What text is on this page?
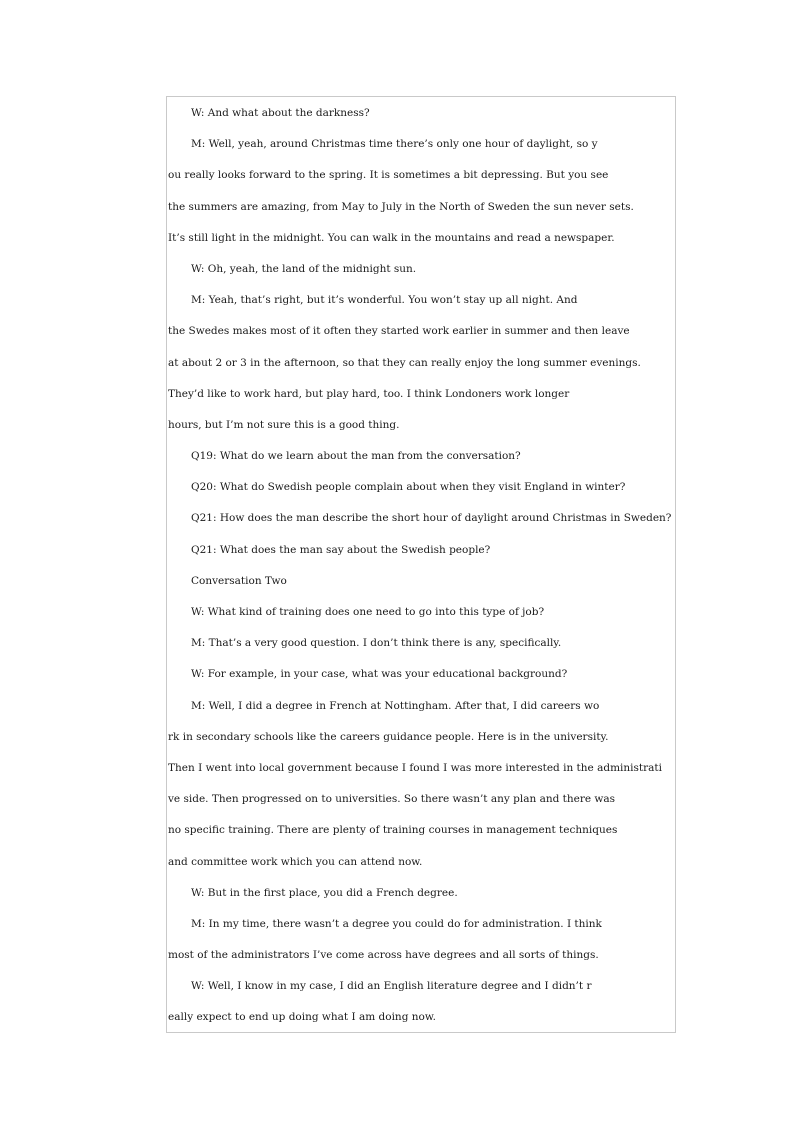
W: And what about the darkness?
M: Well, yeah, around Christmas time there’s only one hour of daylight, so y
ou really looks forward to the spring. It is sometimes a bit depressing. But you see
the summers are amazing, from May to July in the North of Sweden the sun never sets.
It’s still light in the midnight. You can walk in the mountains and read a newspaper.
W: Oh, yeah, the land of the midnight sun.
M: Yeah, that’s right, but it’s wonderful. You won’t stay up all night. And
the Swedes makes most of it often they started work earlier in summer and then leave
at about 2 or 3 in the afternoon, so that they can really enjoy the long summer evenings.
They’d like to work hard, but play hard, too. I think Londoners work longer
hours, but I’m not sure this is a good thing.
Q19: What do we learn about the man from the conversation?
Q20: What do Swedish people complain about when they visit England in winter?
Q21: How does the man describe the short hour of daylight around Christmas in Sweden?
Q21: What does the man say about the Swedish people?
Conversation Two
W: What kind of training does one need to go into this type of job?
M: That’s a very good question. I don’t think there is any, specifically.
W: For example, in your case, what was your educational background?
M: Well, I did a degree in French at Nottingham. After that, I did careers wo
rk in secondary schools like the careers guidance people. Here is in the university.
Then I went into local government because I found I was more interested in the administrati
ve side. Then progressed on to universities. So there wasn’t any plan and there was
no specific training. There are plenty of training courses in management techniques
and committee work which you can attend now.
W: But in the first place, you did a French degree.
M: In my time, there wasn’t a degree you could do for administration. I think
most of the administrators I’ve come across have degrees and all sorts of things.
W: Well, I know in my case, I did an English literature degree and I didn’t r
eally expect to end up doing what I am doing now.
